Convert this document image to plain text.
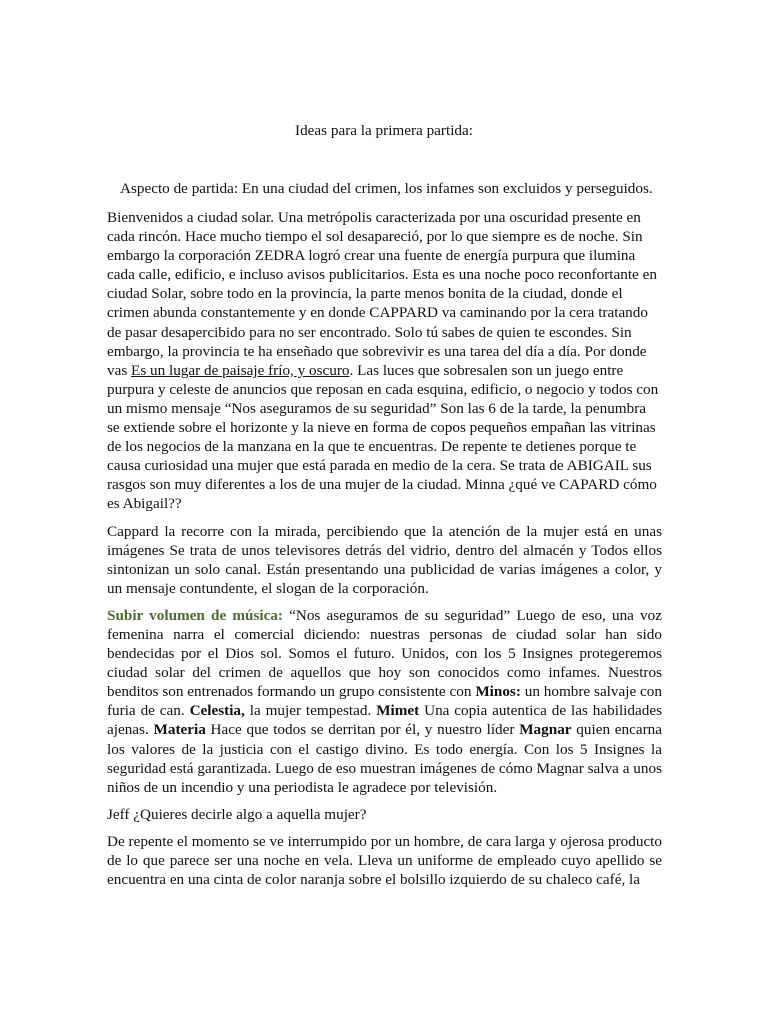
Ideas para la primera partida:

Aspecto de partida: En una ciudad del crimen, los infames son excluidos y perseguidos.

Bienvenidos a ciudad solar. Una metrópolis caracterizada por una oscuridad presente en cada rincón. Hace mucho tiempo el sol desapareció, por lo que siempre es de noche. Sin embargo la corporación ZEDRA logró crear una fuente de energía purpura que ilumina cada calle, edificio, e incluso avisos publicitarios. Esta es una noche poco reconfortante en ciudad Solar, sobre todo en la provincia, la parte menos bonita de la ciudad, donde el crimen abunda constantemente y en donde CAPPARD va caminando por la cera tratando de pasar desapercibido para no ser encontrado. Solo tú sabes de quien te escondes. Sin embargo, la provincia te ha enseñado que sobrevivir es una tarea del día a día. Por donde vas Es un lugar de paisaje frío, y oscuro. Las luces que sobresalen son un juego entre purpura y celeste de anuncios que reposan en cada esquina, edificio, o negocio y todos con un mismo mensaje “Nos aseguramos de su seguridad” Son las 6 de la tarde, la penumbra se extiende sobre el horizonte y la nieve en forma de copos pequeños empañan las vitrinas de los negocios de la manzana en la que te encuentras. De repente te detienes porque te causa curiosidad una mujer que está parada en medio de la cera. Se trata de ABIGAIL sus rasgos son muy diferentes a los de una mujer de la ciudad. Minna ¿qué ve CAPARD cómo es Abigail??

Cappard la recorre con la mirada, percibiendo que la atención de la mujer está en unas imágenes Se trata de unos televisores detrás del vidrio, dentro del almacén y Todos ellos sintonizan un solo canal. Están presentando una publicidad de varias imágenes a color, y un mensaje contundente, el slogan de la corporación.

Subir volumen de música: “Nos aseguramos de su seguridad” Luego de eso, una voz femenina narra el comercial diciendo: nuestras personas de ciudad solar han sido bendecidas por el Dios sol. Somos el futuro. Unidos, con los 5 Insignes protegeremos ciudad solar del crimen de aquellos que hoy son conocidos como infames. Nuestros benditos son entrenados formando un grupo consistente con Minos: un hombre salvaje con furia de can. Celestia, la mujer tempestad. Mimet Una copia autentica de las habilidades ajenas. Materia Hace que todos se derritan por él, y nuestro líder Magnar quien encarna los valores de la justicia con el castigo divino. Es todo energía. Con los 5 Insignes la seguridad está garantizada. Luego de eso muestran imágenes de cómo Magnar salva a unos niños de un incendio y una periodista le agradece por televisión.

Jeff ¿Quieres decirle algo a aquella mujer?

De repente el momento se ve interrumpido por un hombre, de cara larga y ojerosa producto de lo que parece ser una noche en vela. Lleva un uniforme de empleado cuyo apellido se encuentra en una cinta de color naranja sobre el bolsillo izquierdo de su chaleco café, la
